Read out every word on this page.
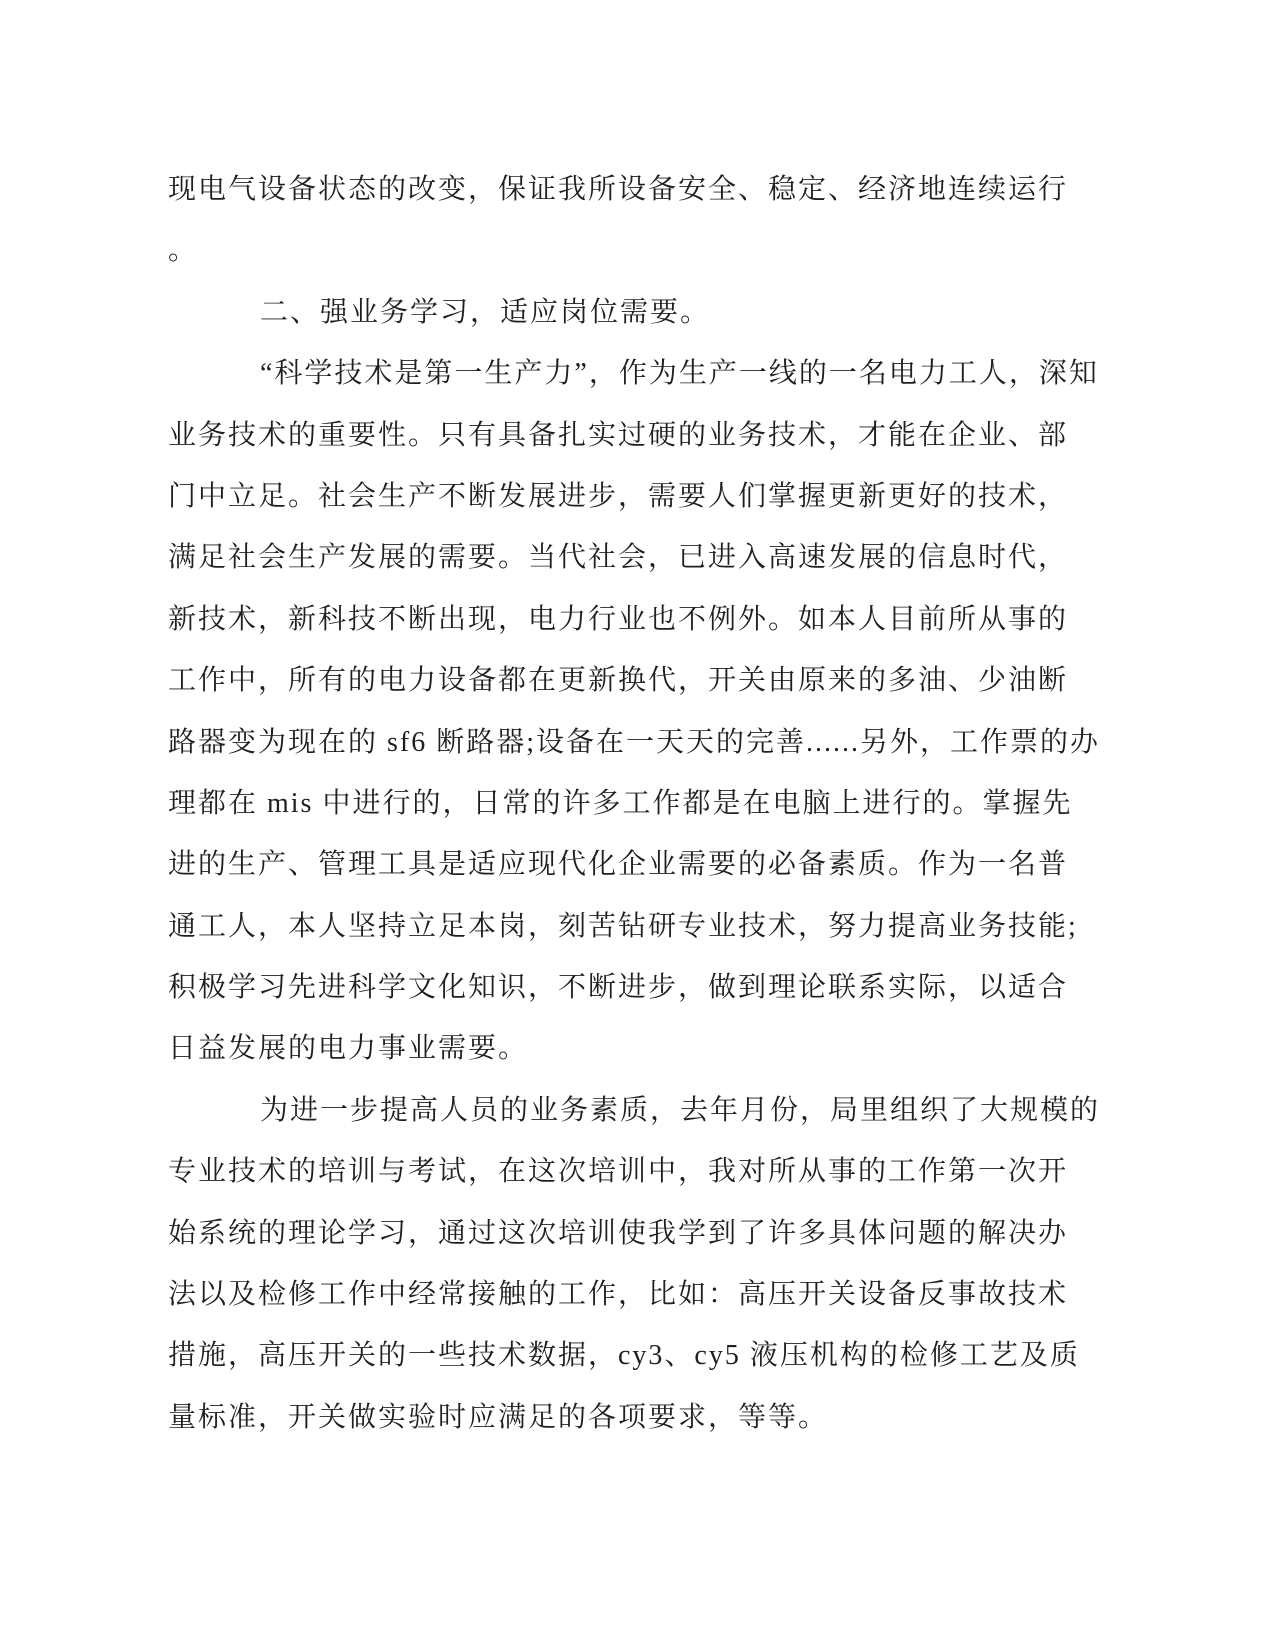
现电气设备状态的改变，保证我所设备安全、稳定、经济地连续运行
。
二、强业务学习，适应岗位需要。
“科学技术是第一生产力”，作为生产一线的一名电力工人，深知
业务技术的重要性。只有具备扎实过硬的业务技术，才能在企业、部
门中立足。社会生产不断发展进步，需要人们掌握更新更好的技术，
满足社会生产发展的需要。当代社会，已进入高速发展的信息时代，
新技术，新科技不断出现，电力行业也不例外。如本人目前所从事的
工作中，所有的电力设备都在更新换代，开关由原来的多油、少油断
路器变为现在的 sf6 断路器;设备在一天天的完善......另外，工作票的办
理都在 mis 中进行的，日常的许多工作都是在电脑上进行的。掌握先
进的生产、管理工具是适应现代化企业需要的必备素质。作为一名普
通工人，本人坚持立足本岗，刻苦钻研专业技术，努力提高业务技能;
积极学习先进科学文化知识，不断进步，做到理论联系实际，以适合
日益发展的电力事业需要。
为进一步提高人员的业务素质，去年月份，局里组织了大规模的
专业技术的培训与考试，在这次培训中，我对所从事的工作第一次开
始系统的理论学习，通过这次培训使我学到了许多具体问题的解决办
法以及检修工作中经常接触的工作，比如：高压开关设备反事故技术
措施，高压开关的一些技术数据，cy3、cy5 液压机构的检修工艺及质
量标准，开关做实验时应满足的各项要求，等等。
